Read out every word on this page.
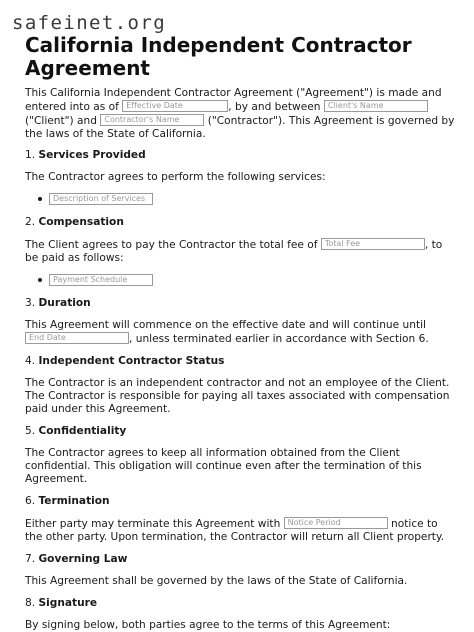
safeinet.org
California Independent Contractor Agreement

This California Independent Contractor Agreement ("Agreement") is made and entered into as of Effective Date	, by and between Client's Name ("Client") and Contractor's Name	("Contractor"). This Agreement is governed by the laws of the State of California.

1. Services Provided

The Contractor agrees to perform the following services:

Description of Services
2. Compensation

The Client agrees to pay the Contractor the total fee of Total Fee	, to be paid as follows:

Payment Schedule
3. Duration

This Agreement will commence on the effective date and will continue until End Date	, unless terminated earlier in accordance with Section 6.

4. Independent Contractor Status

The Contractor is an independent contractor and not an employee of the Client. The Contractor is responsible for paying all taxes associated with compensation paid under this Agreement.

5. Confidentiality

The Contractor agrees to keep all information obtained from the Client confidential. This obligation will continue even after the termination of this Agreement.

6. Termination

Either party may terminate this Agreement with Notice Period	notice to the other party. Upon termination, the Contractor will return all Client property.

7. Governing Law

This Agreement shall be governed by the laws of the State of California.

8. Signature

By signing below, both parties agree to the terms of this Agreement:
